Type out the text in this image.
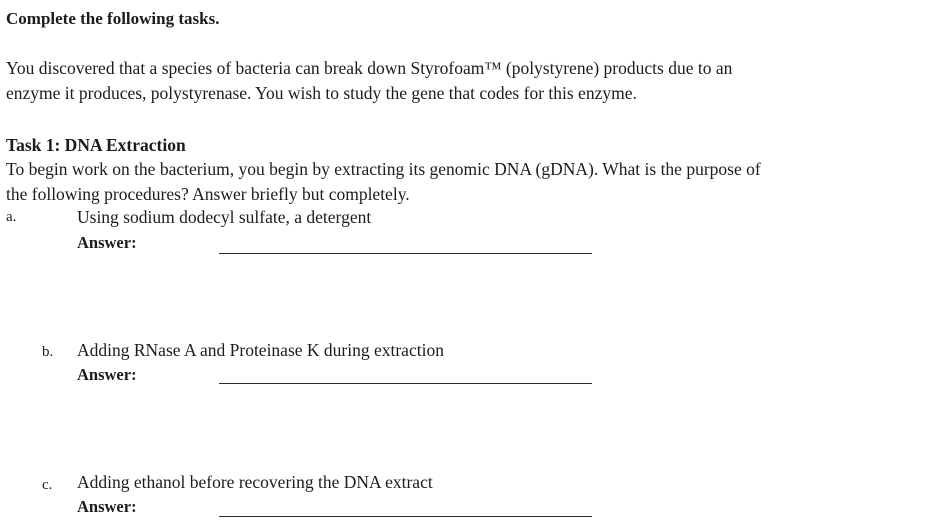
Complete the following tasks.
You discovered that a species of bacteria can break down Styrofoam™ (polystyrene) products due to an
enzyme it produces, polystyrenase. You wish to study the gene that codes for this enzyme.
Task 1: DNA Extraction
To begin work on the bacterium, you begin by extracting its genomic DNA (gDNA). What is the purpose of
the following procedures? Answer briefly but completely.
a.	Using sodium dodecyl sulfate, a detergent
Answer:
b. Adding RNase A and Proteinase K during extraction
Answer:
c. Adding ethanol before recovering the DNA extract
Answer:
